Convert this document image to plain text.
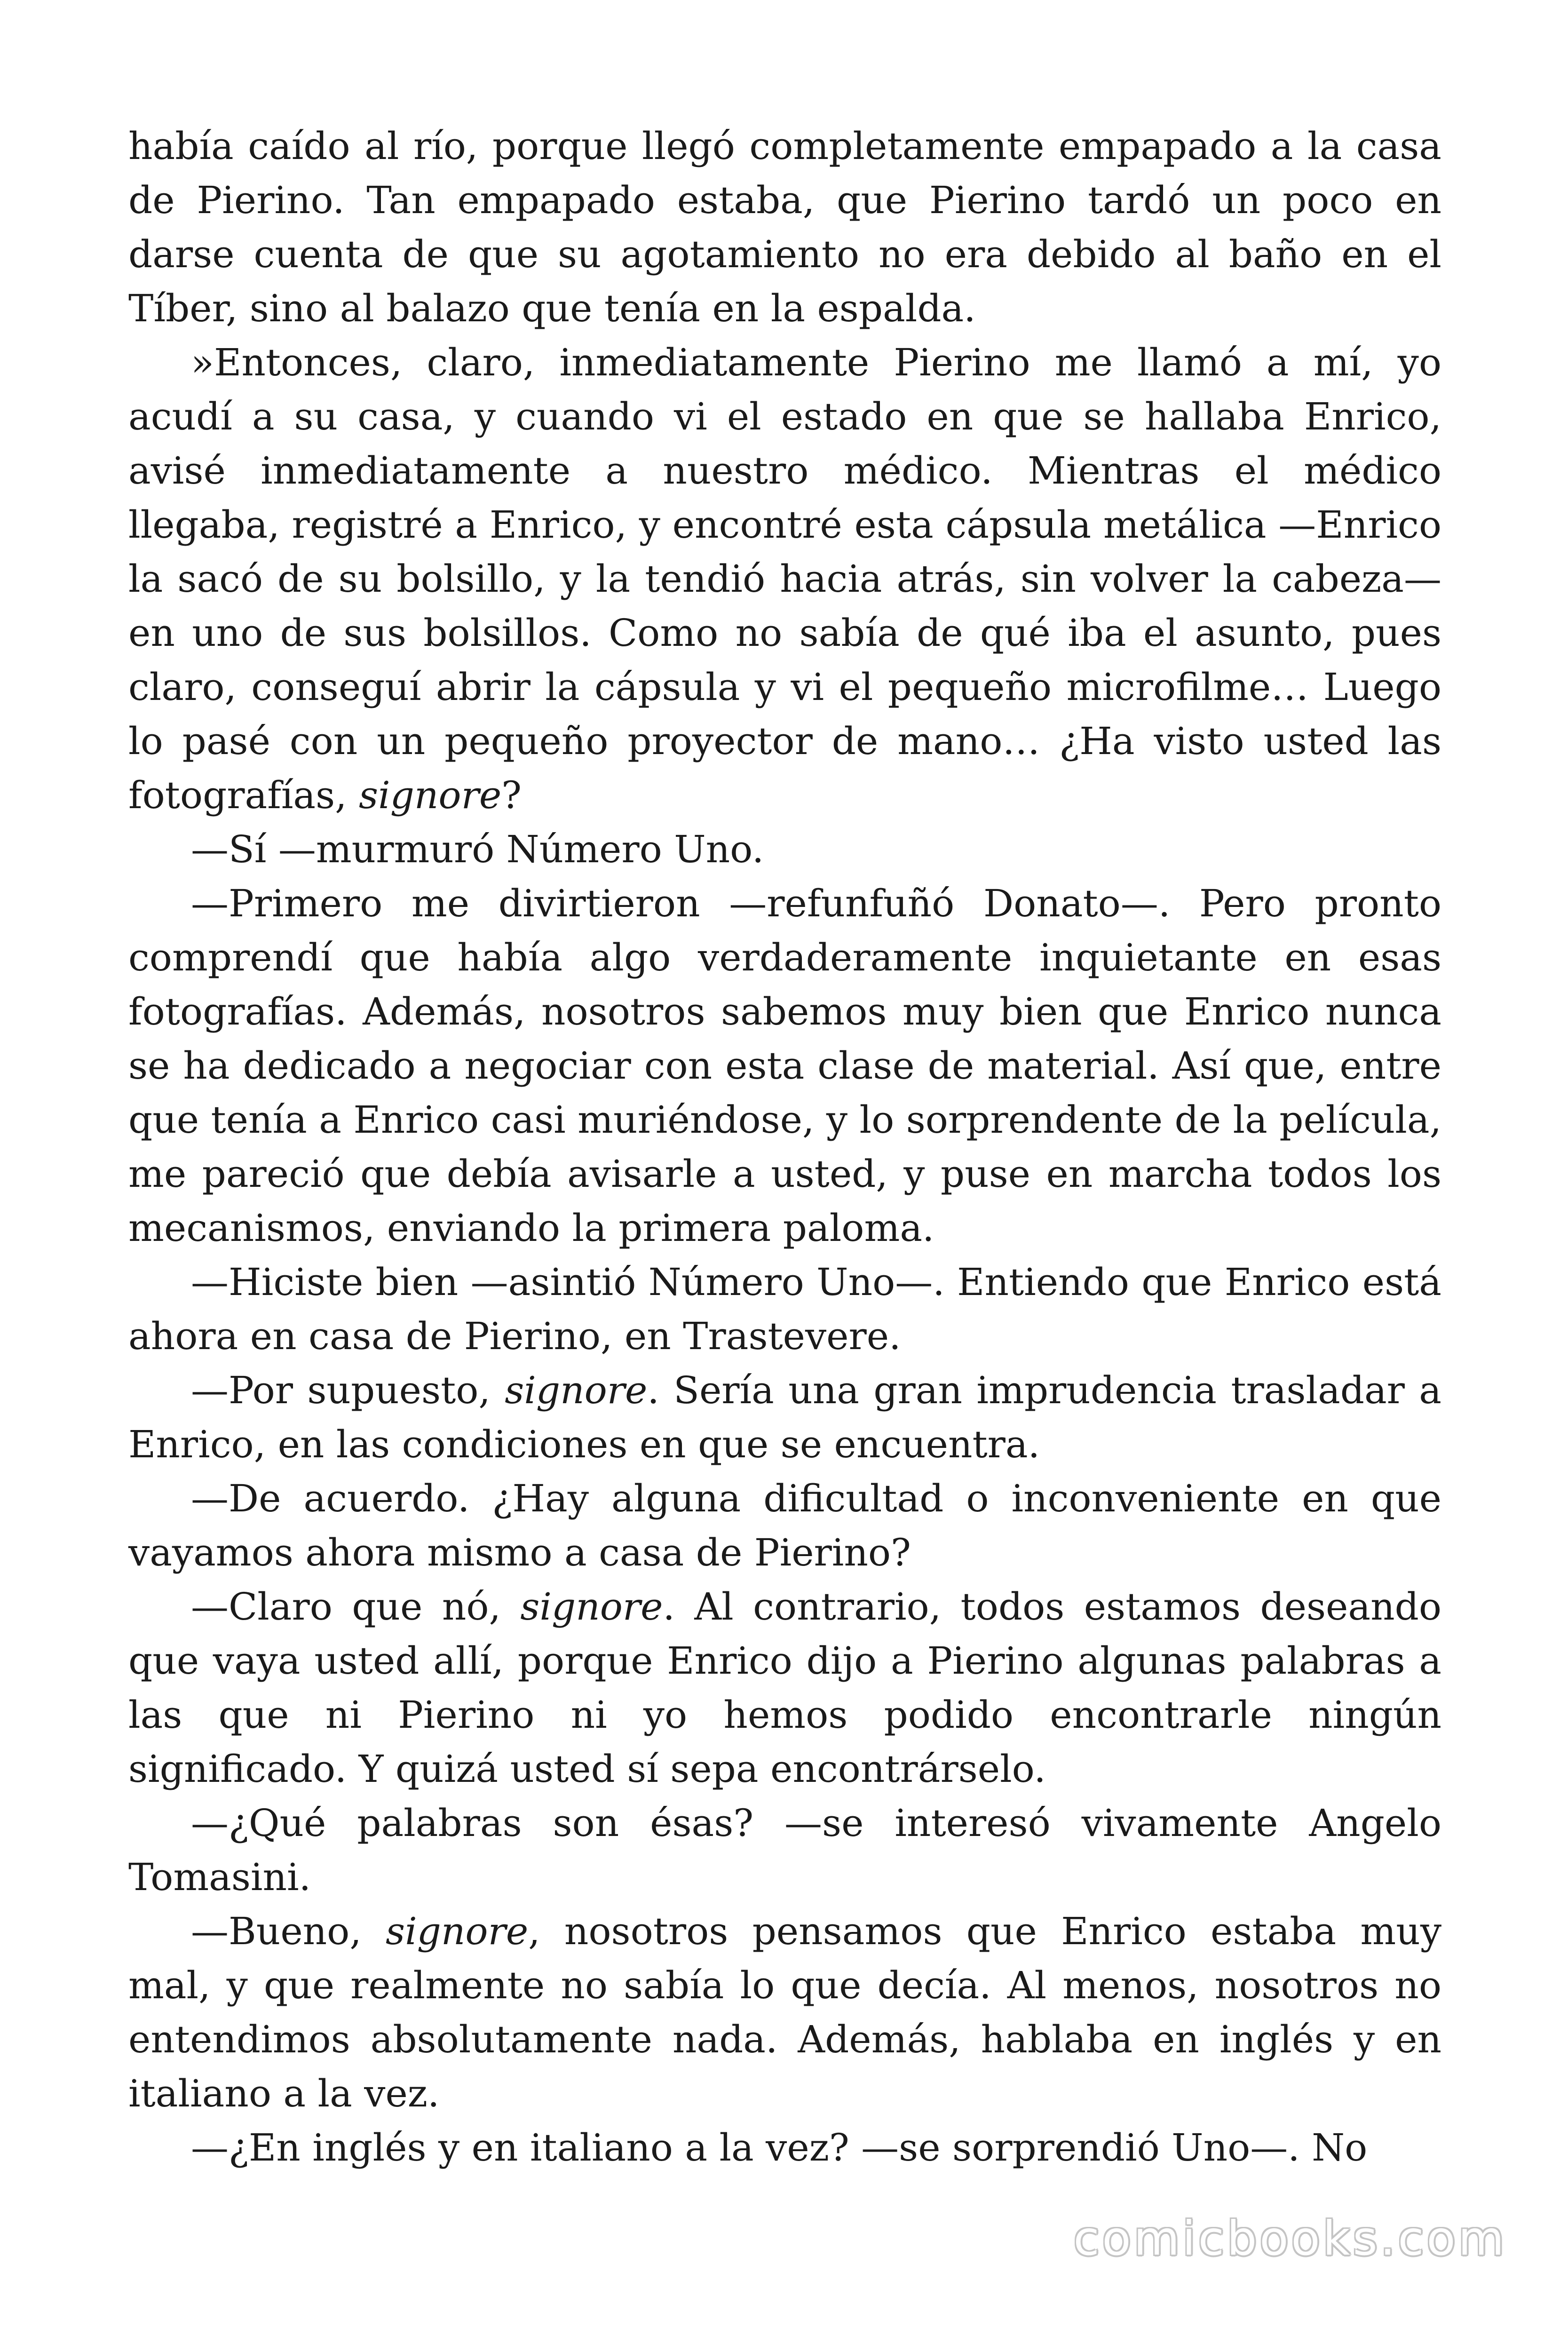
había caído al río, porque llegó completamente empapado a la casa de Pierino. Tan empapado estaba, que Pierino tardó un poco en darse cuenta de que su agotamiento no era debido al baño en el Tíber, sino al balazo que tenía en la espalda.

»Entonces, claro, inmediatamente Pierino me llamó a mí, yo acudí a su casa, y cuando vi el estado en que se hallaba Enrico, avisé inmediatamente a nuestro médico. Mientras el médico llegaba, registré a Enrico, y encontré esta cápsula metálica —Enrico la sacó de su bolsillo, y la tendió hacia atrás, sin volver la cabeza— en uno de sus bolsillos. Como no sabía de qué iba el asunto, pues claro, conseguí abrir la cápsula y vi el pequeño microfilme… Luego lo pasé con un pequeño proyector de mano… ¿Ha visto usted las fotografías, signore?

—Sí —murmuró Número Uno.

—Primero me divirtieron —refunfuñó Donato—. Pero pronto comprendí que había algo verdaderamente inquietante en esas fotografías. Además, nosotros sabemos muy bien que Enrico nunca se ha dedicado a negociar con esta clase de material. Así que, entre que tenía a Enrico casi muriéndose, y lo sorprendente de la película, me pareció que debía avisarle a usted, y puse en marcha todos los mecanismos, enviando la primera paloma.

—Hiciste bien —asintió Número Uno—. Entiendo que Enrico está ahora en casa de Pierino, en Trastevere.

—Por supuesto, signore. Sería una gran imprudencia trasladar a Enrico, en las condiciones en que se encuentra.

—De acuerdo. ¿Hay alguna dificultad o inconveniente en que vayamos ahora mismo a casa de Pierino?

—Claro que nó, signore. Al contrario, todos estamos deseando que vaya usted allí, porque Enrico dijo a Pierino algunas palabras a las que ni Pierino ni yo hemos podido encontrarle ningún significado. Y quizá usted sí sepa encontrárselo.

—¿Qué palabras son ésas? —se interesó vivamente Angelo Tomasini.

—Bueno, signore, nosotros pensamos que Enrico estaba muy mal, y que realmente no sabía lo que decía. Al menos, nosotros no entendimos absolutamente nada. Además, hablaba en inglés y en italiano a la vez.

—¿En inglés y en italiano a la vez? —se sorprendió Uno—. No

comicbooks.com
